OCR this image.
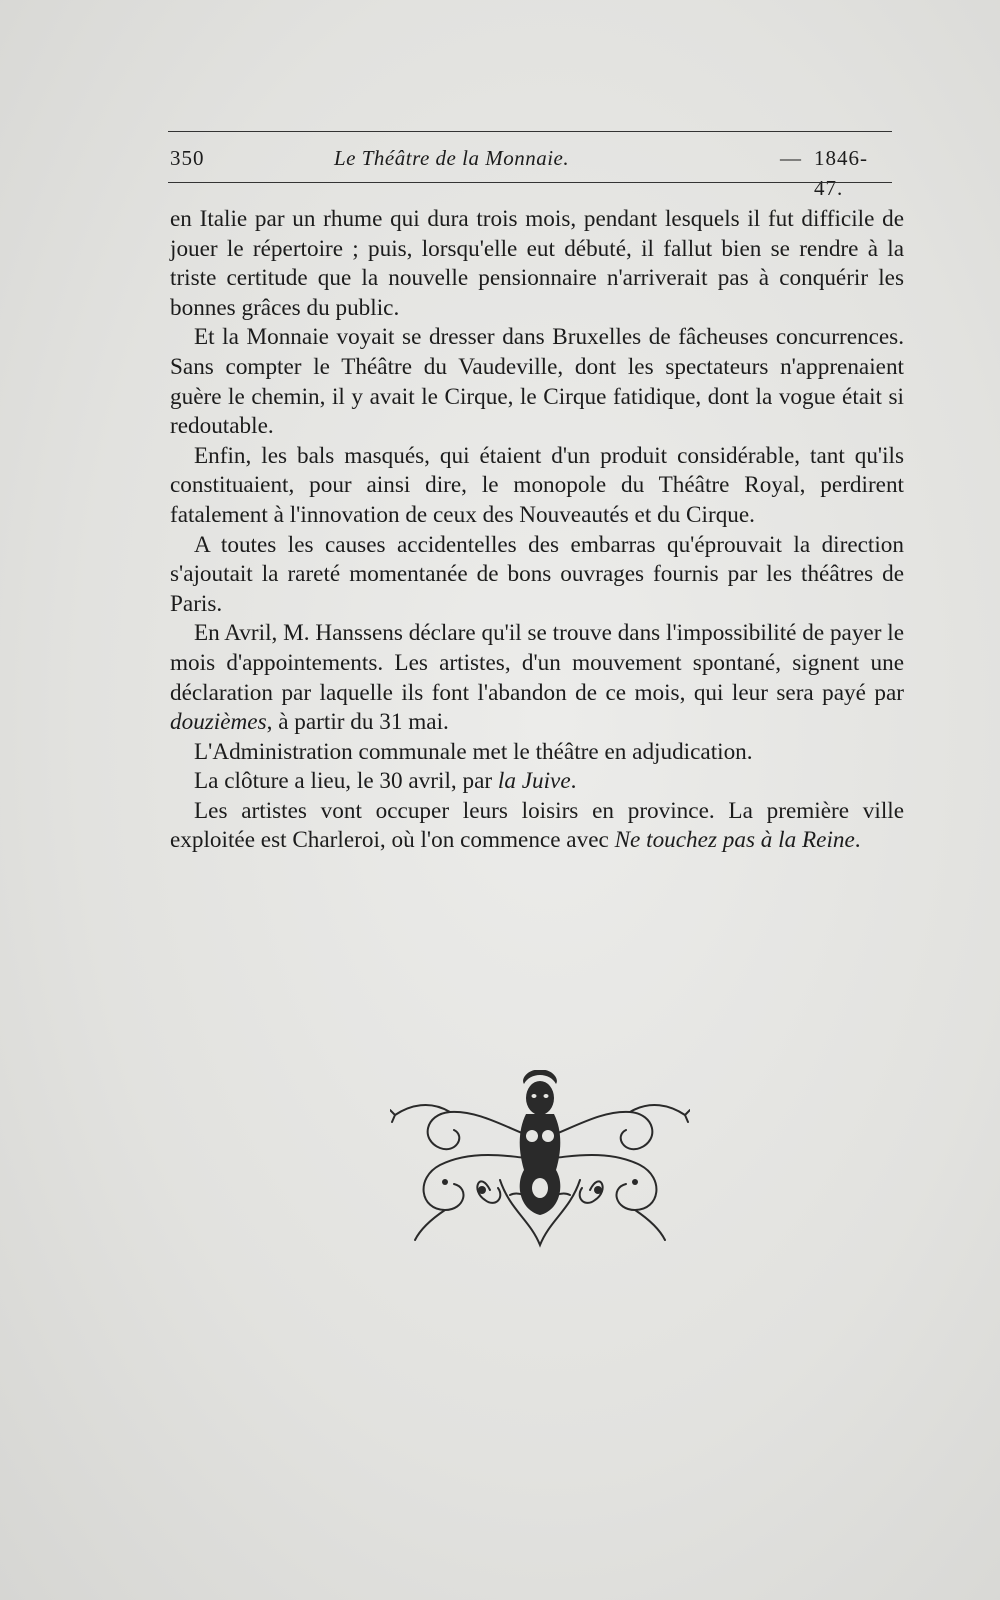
350	Le Théâtre de la Monnaie.	— 1846-47.

en Italie par un rhume qui dura trois mois, pendant lesquels il fut difficile de jouer le répertoire ; puis, lorsqu'elle eut débuté, il fallut bien se rendre à la triste certitude que la nouvelle pensionnaire n'arriverait pas à conquérir les bonnes grâces du public.

Et la Monnaie voyait se dresser dans Bruxelles de fâcheuses concurrences. Sans compter le Théâtre du Vaudeville, dont les spectateurs n'apprenaient guère le chemin, il y avait le Cirque, le Cirque fatidique, dont la vogue était si redoutable.

Enfin, les bals masqués, qui étaient d'un produit considérable, tant qu'ils constituaient, pour ainsi dire, le monopole du Théâtre Royal, perdirent fatalement à l'innovation de ceux des Nouveautés et du Cirque.

A toutes les causes accidentelles des embarras qu'éprouvait la direction s'ajoutait la rareté momentanée de bons ouvrages fournis par les théâtres de Paris.

En Avril, M. Hanssens déclare qu'il se trouve dans l'impossibilité de payer le mois d'appointements. Les artistes, d'un mouvement spontané, signent une déclaration par laquelle ils font l'abandon de ce mois, qui leur sera payé par douzièmes, à partir du 31 mai.

L'Administration communale met le théâtre en adjudication.

La clôture a lieu, le 30 avril, par la Juive.

Les artistes vont occuper leurs loisirs en province. La première ville exploitée est Charleroi, où l'on commence avec Ne touchez pas à la Reine.
